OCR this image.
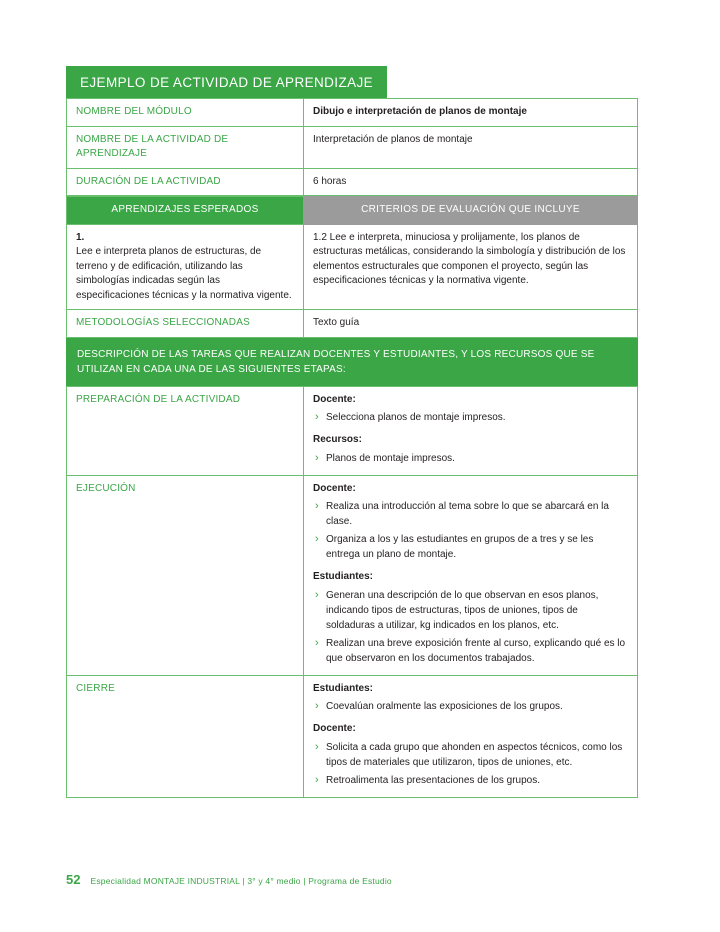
EJEMPLO DE ACTIVIDAD DE APRENDIZAJE
NOMBRE DEL MÓDULO	Dibujo e interpretación de planos de montaje
NOMBRE DE LA ACTIVIDAD DE APRENDIZAJE	Interpretación de planos de montaje
DURACIÓN DE LA ACTIVIDAD	6 horas
APRENDIZAJES ESPERADOS	CRITERIOS DE EVALUACIÓN QUE INCLUYE

1.
Lee e interpreta planos de estructuras, de terreno y de edificación, utilizando las simbologías indicadas según las especificaciones técnicas y la normativa vigente.	1.2 Lee e interpreta, minuciosa y prolijamente, los planos de estructuras metálicas, considerando la simbología y distribución de los elementos estructurales que componen el proyecto, según las especificaciones técnicas y la normativa vigente.

METODOLOGÍAS SELECCIONADAS	Texto guía
DESCRIPCIÓN DE LAS TAREAS QUE REALIZAN DOCENTES Y ESTUDIANTES, Y LOS RECURSOS QUE SE UTILIZAN EN CADA UNA DE LAS SIGUIENTES ETAPAS:
PREPARACIÓN DE LA ACTIVIDAD	Docente:
› Selecciona planos de montaje impresos.
Recursos:
› Planos de montaje impresos.

EJECUCIÓN	Docente:
› Realiza una introducción al tema sobre lo que se abarcará en la clase.
› Organiza a los y las estudiantes en grupos de a tres y se les entrega un plano de montaje.
Estudiantes:
› Generan una descripción de lo que observan en esos planos, indicando tipos de estructuras, tipos de uniones, tipos de soldaduras a utilizar, kg indicados en los planos, etc.
› Realizan una breve exposición frente al curso, explicando qué es lo que observaron en los documentos trabajados.

CIERRE	Estudiantes:
› Coevalúan oralmente las exposiciones de los grupos.
Docente:
› Solicita a cada grupo que ahonden en aspectos técnicos, como los tipos de materiales que utilizaron, tipos de uniones, etc.
› Retroalimenta las presentaciones de los grupos.
52 Especialidad MONTAJE INDUSTRIAL | 3° y 4° medio | Programa de Estudio
